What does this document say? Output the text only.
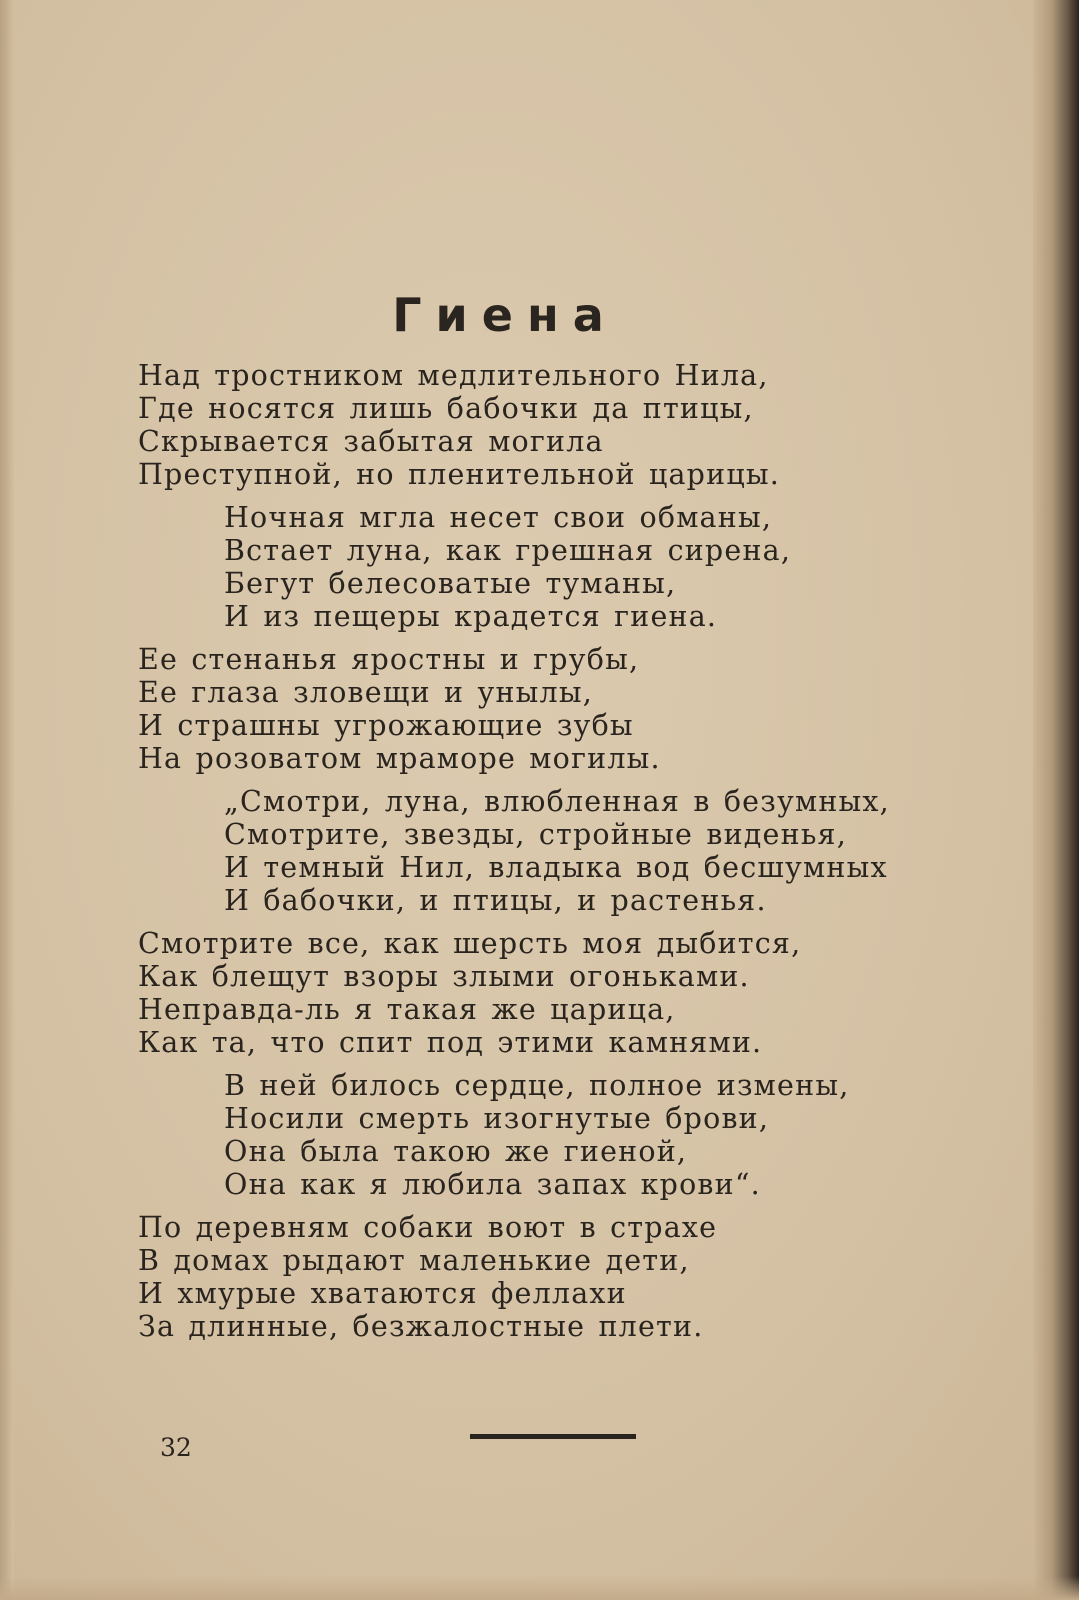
Гиена
Над тростником медлительного Нила,
Где носятся лишь бабочки да птицы,
Скрывается забытая могила
Преступной, но пленительной царицы.
Ночная мгла несет свои обманы,
Встает луна, как грешная сирена,
Бегут белесоватые туманы,
И из пещеры крадется гиена.
Ее стенанья яростны и грубы,
Ее глаза зловещи и унылы,
И страшны угрожающие зубы
На розоватом мраморе могилы.
„Смотри, луна, влюбленная в безумных,
Смотрите, звезды, стройные виденья,
И темный Нил, владыка вод бесшумных
И бабочки, и птицы, и растенья.
Смотрите все, как шерсть моя дыбится,
Как блещут взоры злыми огоньками.
Неправда-ль я такая же царица,
Как та, что спит под этими камнями.
В ней билось сердце, полное измены,
Носили смерть изогнутые брови,
Она была такою же гиеной,
Она как я любила запах крови“.
По деревням собаки воют в страхе
В домах рыдают маленькие дети,
И хмурые хватаются феллахи
За длинные, безжалостные плети.
32
